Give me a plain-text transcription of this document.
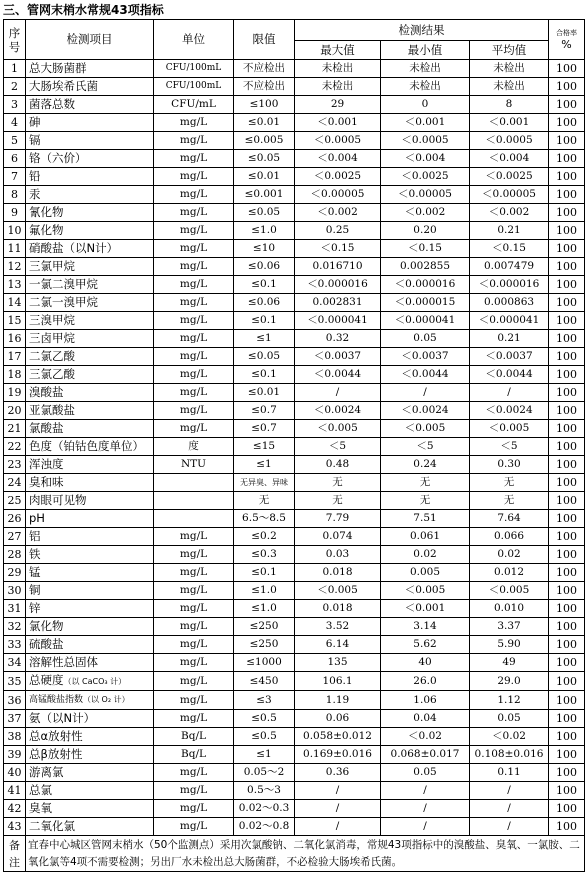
三、管网末梢水常规43项指标
序号	检测项目	单位	限值	检测结果			合格率
%

				最大值	最小值	平均值	
1	总大肠菌群	CFU/100mL	不应检出	未检出	未检出	未检出	100
2	大肠埃希氏菌	CFU/100mL	不应检出	未检出	未检出	未检出	100
3	菌落总数	CFU/mL	≤100	29	0	8	100
4	砷	mg/L	≤0.01	＜0.001	＜0.001	＜0.001	100
5	镉	mg/L	≤0.005	＜0.0005	＜0.0005	＜0.0005	100
6	铬（六价）	mg/L	≤0.05	＜0.004	＜0.004	＜0.004	100
7	铅	mg/L	≤0.01	＜0.0025	＜0.0025	＜0.0025	100
8	汞	mg/L	≤0.001	＜0.00005	＜0.00005	＜0.00005	100
9	氰化物	mg/L	≤0.05	＜0.002	＜0.002	＜0.002	100
10	氟化物	mg/L	≤1.0	0.25	0.20	0.21	100
11	硝酸盐（以N计）	mg/L	≤10	＜0.15	＜0.15	＜0.15	100
12	三氯甲烷	mg/L	≤0.06	0.016710	0.002855	0.007479	100
13	一氯二溴甲烷	mg/L	≤0.1	＜0.000016	＜0.000016	＜0.000016	100
14	二氯一溴甲烷	mg/L	≤0.06	0.002831	＜0.000015	0.000863	100
15	三溴甲烷	mg/L	≤0.1	＜0.000041	＜0.000041	＜0.000041	100
16	三卤甲烷	mg/L	≤1	0.32	0.05	0.21	100
17	二氯乙酸	mg/L	≤0.05	＜0.0037	＜0.0037	＜0.0037	100
18	三氯乙酸	mg/L	≤0.1	＜0.0044	＜0.0044	＜0.0044	100
19	溴酸盐	mg/L	≤0.01	/	/	/	100
20	亚氯酸盐	mg/L	≤0.7	＜0.0024	＜0.0024	＜0.0024	100
21	氯酸盐	mg/L	≤0.7	＜0.005	＜0.005	＜0.005	100
22	色度（铂钴色度单位）	度	≤15	＜5	＜5	＜5	100
23	浑浊度	NTU	≤1	0.48	0.24	0.30	100
24	臭和味		无异臭、异味	无	无	无	100
25	肉眼可见物		无	无	无	无	100
26	pH		6.5～8.5	7.79	7.51	7.64	100
27	铝	mg/L	≤0.2	0.074	0.061	0.066	100
28	铁	mg/L	≤0.3	0.03	0.02	0.02	100
29	锰	mg/L	≤0.1	0.018	0.005	0.012	100
30	铜	mg/L	≤1.0	＜0.005	＜0.005	＜0.005	100
31	锌	mg/L	≤1.0	0.018	＜0.001	0.010	100
32	氯化物	mg/L	≤250	3.52	3.14	3.37	100
33	硫酸盐	mg/L	≤250	6.14	5.62	5.90	100
34	溶解性总固体	mg/L	≤1000	135	40	49	100
35	总硬度（以 CaCO₃ 计）	mg/L	≤450	106.1	26.0	29.0	100
36	高锰酸盐指数（以 O₂ 计）	mg/L	≤3	1.19	1.06	1.12	100
37	氨（以N计）	mg/L	≤0.5	0.06	0.04	0.05	100
38	总α放射性	Bq/L	≤0.5	0.058±0.012	＜0.02	＜0.02	100
39	总β放射性	Bq/L	≤1	0.169±0.016	0.068±0.017	0.108±0.016	100
40	游离氯	mg/L	0.05～2	0.36	0.05	0.11	100
41	总氯	mg/L	0.5～3	/	/	/	100
42	臭氧	mg/L	0.02～0.3	/	/	/	100
43	二氧化氯	mg/L	0.02～0.8	/	/	/	100
备注	宜春中心城区管网末梢水（50个监测点）采用次氯酸钠、二氧化氯消毒，常规43项指标中的溴酸盐、臭氧、一氯胺、二氧化氯等4项不需要检测；另出厂水未检出总大肠菌群，不必检验大肠埃希氏菌。						
